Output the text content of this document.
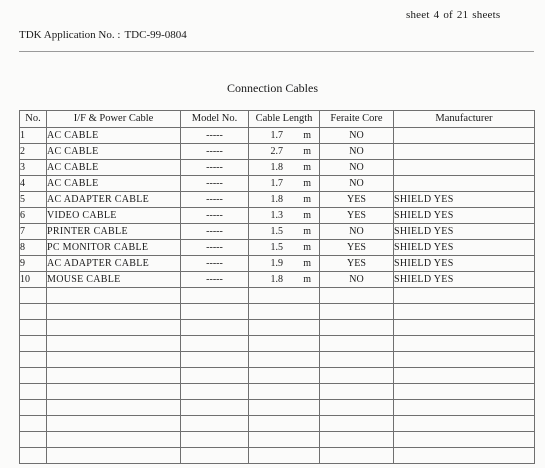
sheet 4 of 21 sheets
TDK Application No. : TDC-99-0804
Connection Cables
No.	I/F & Power Cable	Model No.	Cable Length	Feraite Core	Manufacturer
1	AC CABLE	-----	1.7 m	NO	
2	AC CABLE	-----	2.7 m	NO	
3	AC CABLE	-----	1.8 m	NO	
4	AC CABLE	-----	1.7 m	NO	
5	AC ADAPTER CABLE	-----	1.8 m	YES	SHIELD YES
6	VIDEO CABLE	-----	1.3 m	YES	SHIELD YES
7	PRINTER CABLE	-----	1.5 m	NO	SHIELD YES
8	PC MONITOR CABLE	-----	1.5 m	YES	SHIELD YES
9	AC ADAPTER CABLE	-----	1.9 m	YES	SHIELD YES
10	MOUSE CABLE	-----	1.8 m	NO	SHIELD YES
